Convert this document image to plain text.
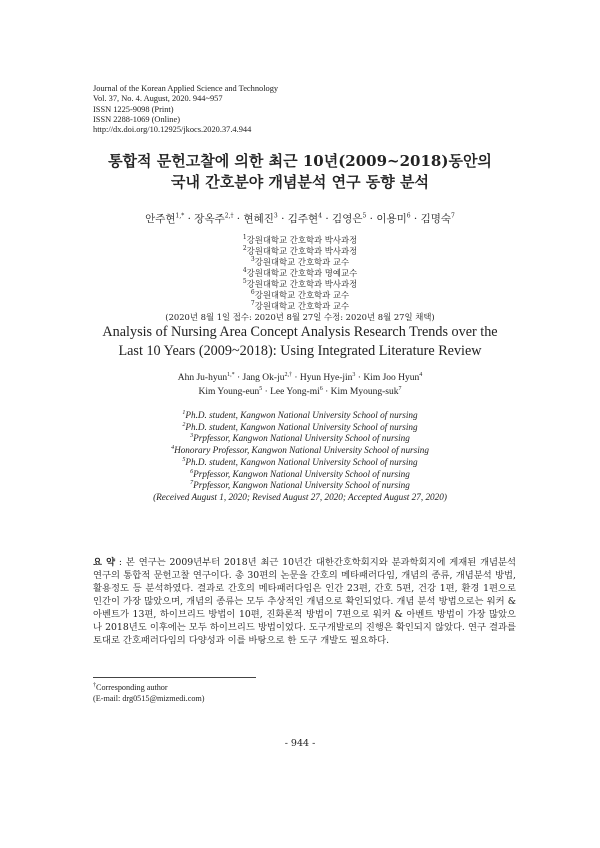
Journal of the Korean Applied Science and Technology
Vol. 37, No. 4. August, 2020. 944~957
ISSN 1225-9098 (Print)
ISSN 2288-1069 (Online)
http://dx.doi.org/10.12925/jkocs.2020.37.4.944
통합적 문헌고찰에 의한 최근 10년(2009~2018)동안의
국내 간호분야 개념분석 연구 동향 분석
안주현$^{1,*}$ · 장옥주$^{2,\dagger}$ · 현혜진$^3$ · 김주현$^4$ · 김영은$^5$ · 이용미$^6$ · 김명숙$^7$
$^1$강원대학교 간호학과 박사과정
$^2$강원대학교 간호학과 박사과정
$^3$강원대학교 간호학과 교수
$^4$강원대학교 간호학과 명예교수
$^5$강원대학교 간호학과 박사과정
$^6$강원대학교 간호학과 교수
$^7$강원대학교 간호학과 교수
(2020년 8월 1일 접수: 2020년 8월 27일 수정: 2020년 8월 27일 채택)
Analysis of Nursing Area Concept Analysis Research Trends over the
Last 10 Years (2009~2018): Using Integrated Literature Review
Ahn Ju-hyun$^{1,*}$ · Jang $Ok-ju^{2,\dagger}$ · Hyun Hye-jin$^3$ · Kim Joo Hyun$^4$
Kim Young-eun$^5$ · Lee Yong-$mi^6$ · Kim Myoung-suk$^7$
$^1$Ph.D. student, Kangwon National University School of nursing
$^2$Ph.D. student, Kangwon National University School of nursing
$^3$Prpfessor, Kangwon National University School of nursing
$^4$Honorary Professor, Kangwon National University School of nursing
$^5$Ph.D. student, Kangwon National University School of nursing
$^6$Prpfessor, Kangwon National University School of nursing
$^7$Prpfessor, Kangwon National University School of nursing
(Received August 1, 2020; Revised August 27, 2020; Accepted August 27, 2020)
요 약 : 본 연구는 2009년부터 2018년 최근 10년간 대한간호학회지와 분과학회지에 게재된 개념분석 연구의 통합적 문헌고찰 연구이다. 총 30편의 논문을 간호의 메타패러다임, 개념의 종류, 개념분석 방법, 활용정도 등 분석하였다. 결과로 간호의 메타패러다임은 인간 23편, 간호 5편, 건강 1편, 환경 1편으로 인간이 가장 많았으며, 개념의 종류는 모두 추상적인 개념으로 확인되었다. 개념 분석 방법으로는 워커 & 아벤트가 13편, 하이브리드 방법이 10편, 진화론적 방법이 7편으로 워커 & 아벤트 방법이 가장 많았으나 2018년도 이후에는 모두 하이브리드 방법이었다. 도구개발로의 진행은 확인되지 않았다. 연구 결과를 토대로 간호패러다임의 다양성과 이를 바탕으로 한 도구 개발도 필요하다.
†Corresponding author
(E-mail: drg0515@mizmedi.com)
- 944 -
